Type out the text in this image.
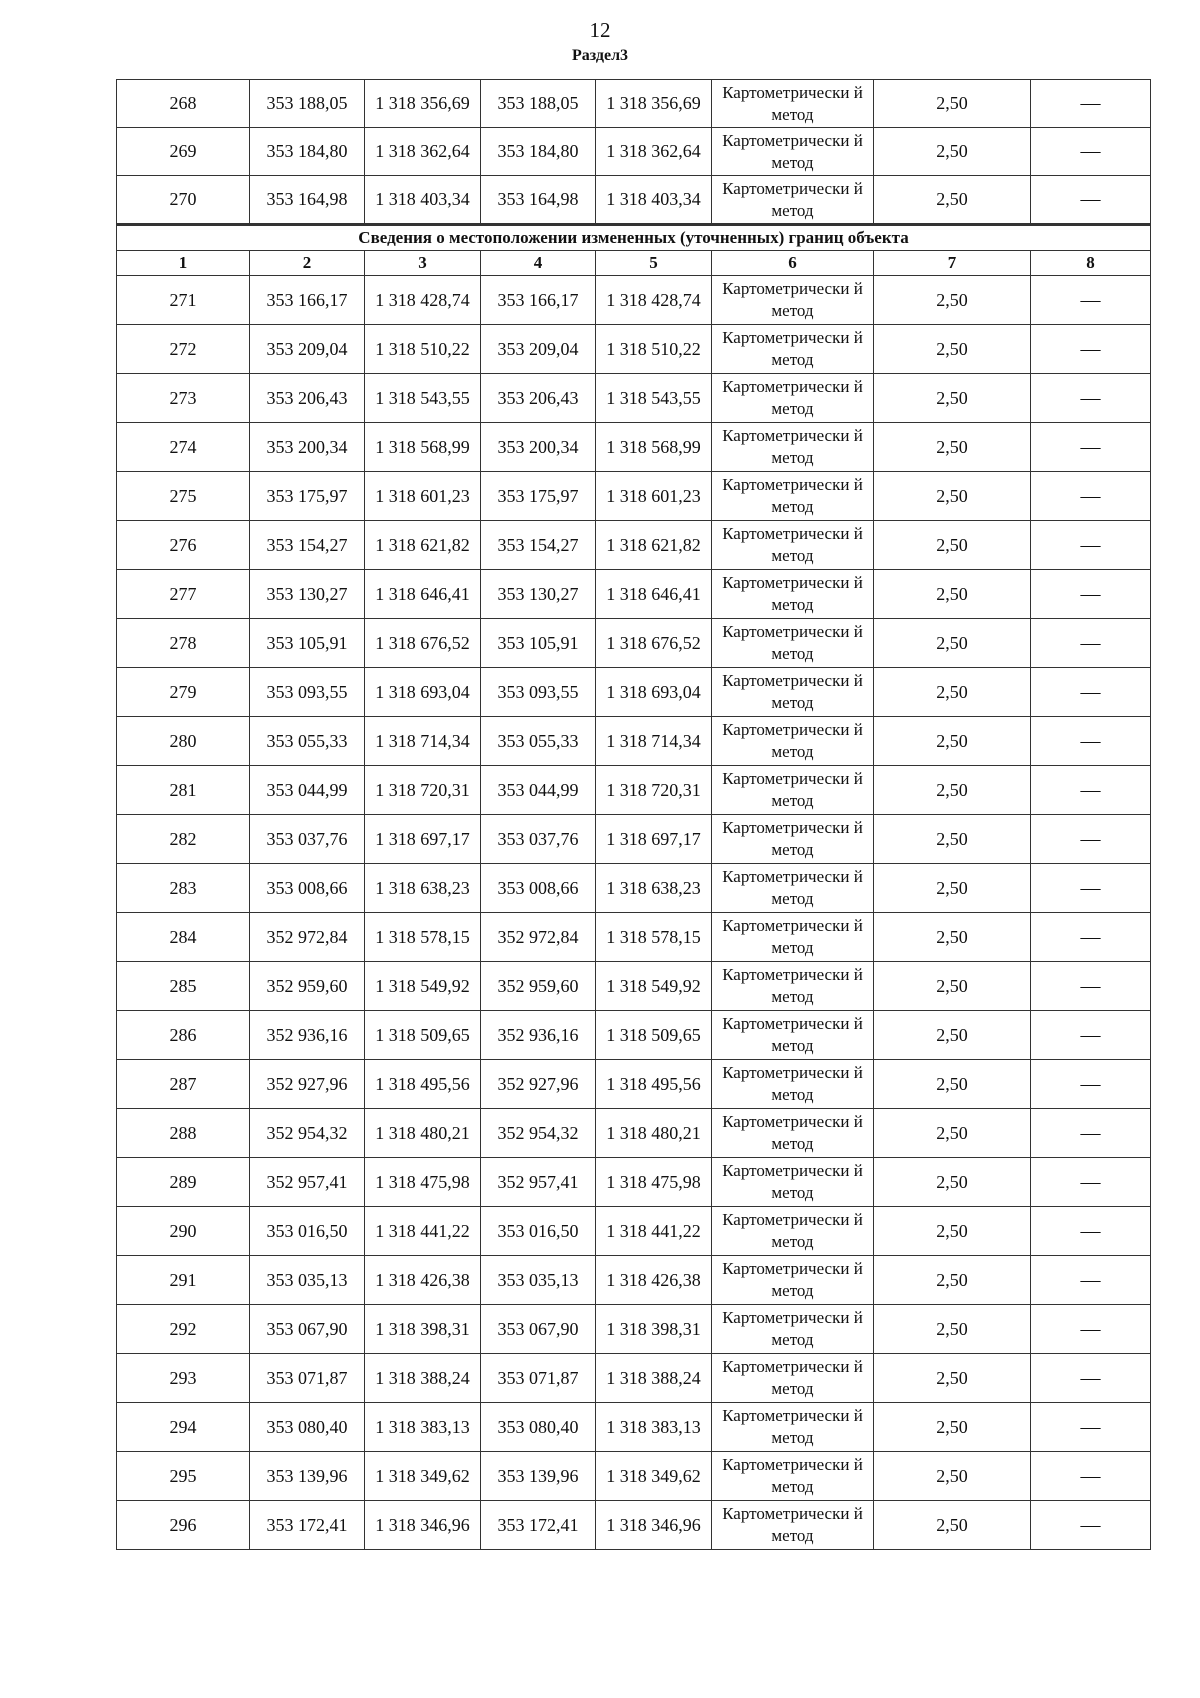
12
Раздел3
268	353 188,05	1 318 356,69	353 188,05	1 318 356,69	Картометрически й метод	2,50	—
269	353 184,80	1 318 362,64	353 184,80	1 318 362,64	Картометрически й метод	2,50	—
270	353 164,98	1 318 403,34	353 164,98	1 318 403,34	Картометрически й метод	2,50	—
Сведения о местоположении измененных (уточненных) границ объекта							
1	2	3	4	5	6	7	8
271	353 166,17	1 318 428,74	353 166,17	1 318 428,74	Картометрически й метод	2,50	—
272	353 209,04	1 318 510,22	353 209,04	1 318 510,22	Картометрически й метод	2,50	—
273	353 206,43	1 318 543,55	353 206,43	1 318 543,55	Картометрически й метод	2,50	—
274	353 200,34	1 318 568,99	353 200,34	1 318 568,99	Картометрически й метод	2,50	—
275	353 175,97	1 318 601,23	353 175,97	1 318 601,23	Картометрически й метод	2,50	—
276	353 154,27	1 318 621,82	353 154,27	1 318 621,82	Картометрически й метод	2,50	—
277	353 130,27	1 318 646,41	353 130,27	1 318 646,41	Картометрически й метод	2,50	—
278	353 105,91	1 318 676,52	353 105,91	1 318 676,52	Картометрически й метод	2,50	—
279	353 093,55	1 318 693,04	353 093,55	1 318 693,04	Картометрически й метод	2,50	—
280	353 055,33	1 318 714,34	353 055,33	1 318 714,34	Картометрически й метод	2,50	—
281	353 044,99	1 318 720,31	353 044,99	1 318 720,31	Картометрически й метод	2,50	—
282	353 037,76	1 318 697,17	353 037,76	1 318 697,17	Картометрически й метод	2,50	—
283	353 008,66	1 318 638,23	353 008,66	1 318 638,23	Картометрически й метод	2,50	—
284	352 972,84	1 318 578,15	352 972,84	1 318 578,15	Картометрически й метод	2,50	—
285	352 959,60	1 318 549,92	352 959,60	1 318 549,92	Картометрически й метод	2,50	—
286	352 936,16	1 318 509,65	352 936,16	1 318 509,65	Картометрически й метод	2,50	—
287	352 927,96	1 318 495,56	352 927,96	1 318 495,56	Картометрически й метод	2,50	—
288	352 954,32	1 318 480,21	352 954,32	1 318 480,21	Картометрически й метод	2,50	—
289	352 957,41	1 318 475,98	352 957,41	1 318 475,98	Картометрически й метод	2,50	—
290	353 016,50	1 318 441,22	353 016,50	1 318 441,22	Картометрически й метод	2,50	—
291	353 035,13	1 318 426,38	353 035,13	1 318 426,38	Картометрически й метод	2,50	—
292	353 067,90	1 318 398,31	353 067,90	1 318 398,31	Картометрически й метод	2,50	—
293	353 071,87	1 318 388,24	353 071,87	1 318 388,24	Картометрически й метод	2,50	—
294	353 080,40	1 318 383,13	353 080,40	1 318 383,13	Картометрически й метод	2,50	—
295	353 139,96	1 318 349,62	353 139,96	1 318 349,62	Картометрически й метод	2,50	—
296	353 172,41	1 318 346,96	353 172,41	1 318 346,96	Картометрически й метод	2,50	—
